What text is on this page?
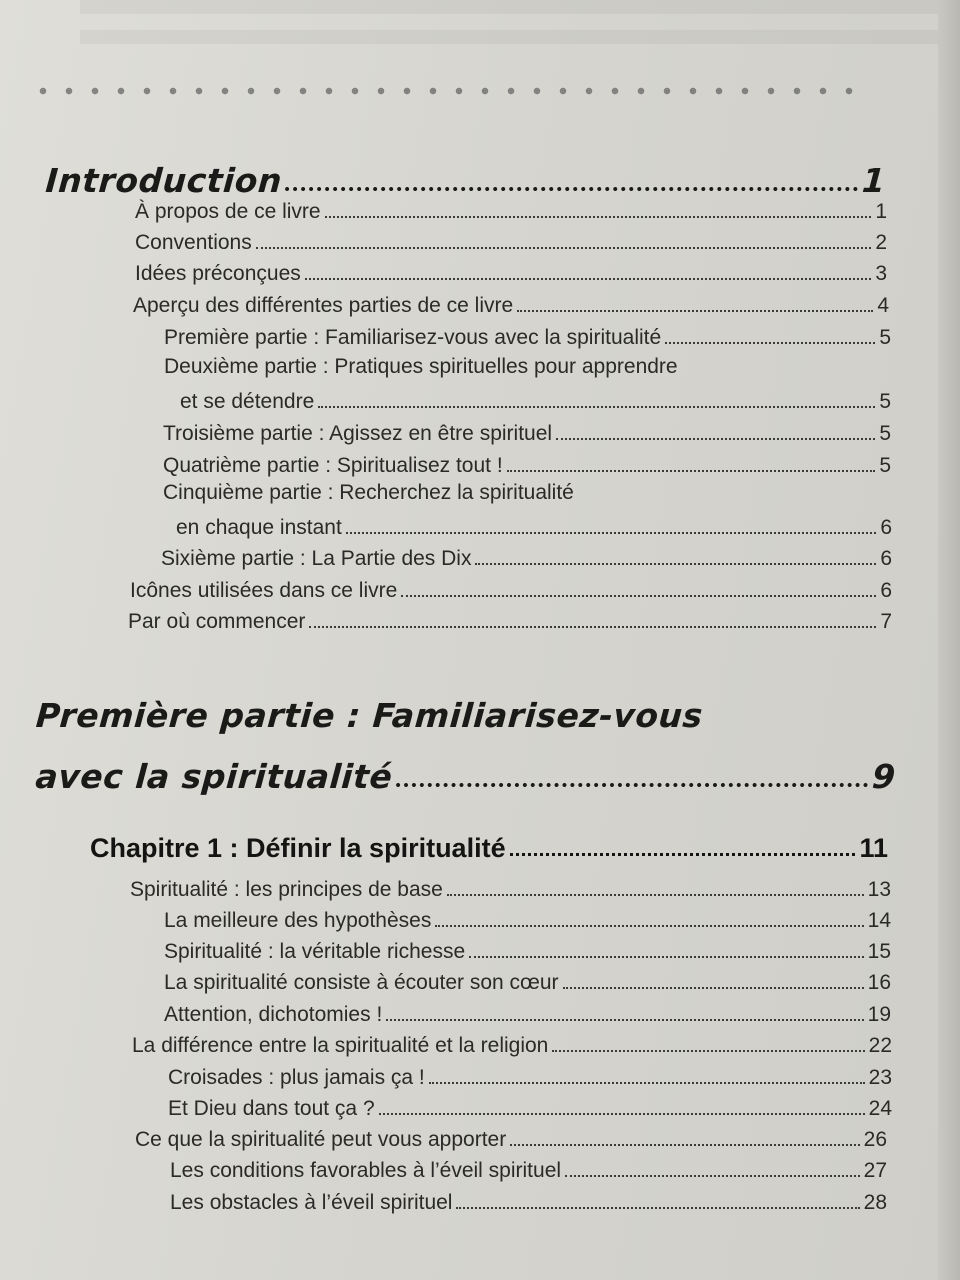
Introduction	1
À propos de ce livre	1
Conventions	2
Idées préconçues	3
Aperçu des différentes parties de ce livre	4
Première partie : Familiarisez-vous avec la spiritualité	5
Deuxième partie : Pratiques spirituelles pour apprendre
et se détendre	5
Troisième partie : Agissez en être spirituel	5
Quatrième partie : Spiritualisez tout !	5
Cinquième partie : Recherchez la spiritualité
en chaque instant	6
Sixième partie : La Partie des Dix	6
Icônes utilisées dans ce livre	6
Par où commencer	7
Première partie : Familiarisez-vous
avec la spiritualité	9
Chapitre 1 : Définir la spiritualité	11
Spiritualité : les principes de base	13
La meilleure des hypothèses	14
Spiritualité : la véritable richesse	15
La spiritualité consiste à écouter son cœur	16
Attention, dichotomies !	19
La différence entre la spiritualité et la religion	22
Croisades : plus jamais ça !	23
Et Dieu dans tout ça ?	24
Ce que la spiritualité peut vous apporter	26
Les conditions favorables à l’éveil spirituel	27
Les obstacles à l’éveil spirituel	28
